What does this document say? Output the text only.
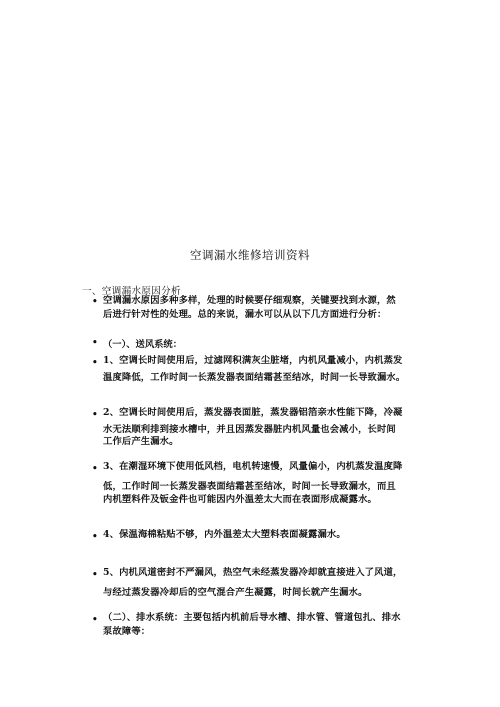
空调漏水维修培训资料
一、空调漏水原因分析
• 空调漏水原因多种多样，处理的时候要仔细观察，关键要找到水源，然
后进行针对性的处理。总的来说，漏水可以从以下几方面进行分析：
• （一）、送风系统：
• 1、空调长时间使用后，过滤网积满灰尘脏堵，内机风量减小，内机蒸发
温度降低，工作时间一长蒸发器表面结霜甚至结冰，时间一长导致漏水。
• 2、空调长时间使用后，蒸发器表面脏，蒸发器铝箔亲水性能下降，冷凝
水无法顺利排到接水槽中，并且因蒸发器脏内机风量也会减小，长时间
工作后产生漏水。
• 3、在潮湿环境下使用低风档，电机转速慢，风量偏小，内机蒸发温度降
低，工作时间一长蒸发器表面结霜甚至结冰，时间一长导致漏水，而且
内机塑料件及钣金件也可能因内外温差太大而在表面形成凝露水。
• 4、保温海棉粘贴不够，内外温差太大塑料表面凝露漏水。
• 5、内机风道密封不严漏风，热空气未经蒸发器冷却就直接进入了风道，
与经过蒸发器冷却后的空气混合产生凝露，时间长就产生漏水。
• （二）、排水系统：主要包括内机前后导水槽、排水管、管道包扎、排水
泵故障等：
